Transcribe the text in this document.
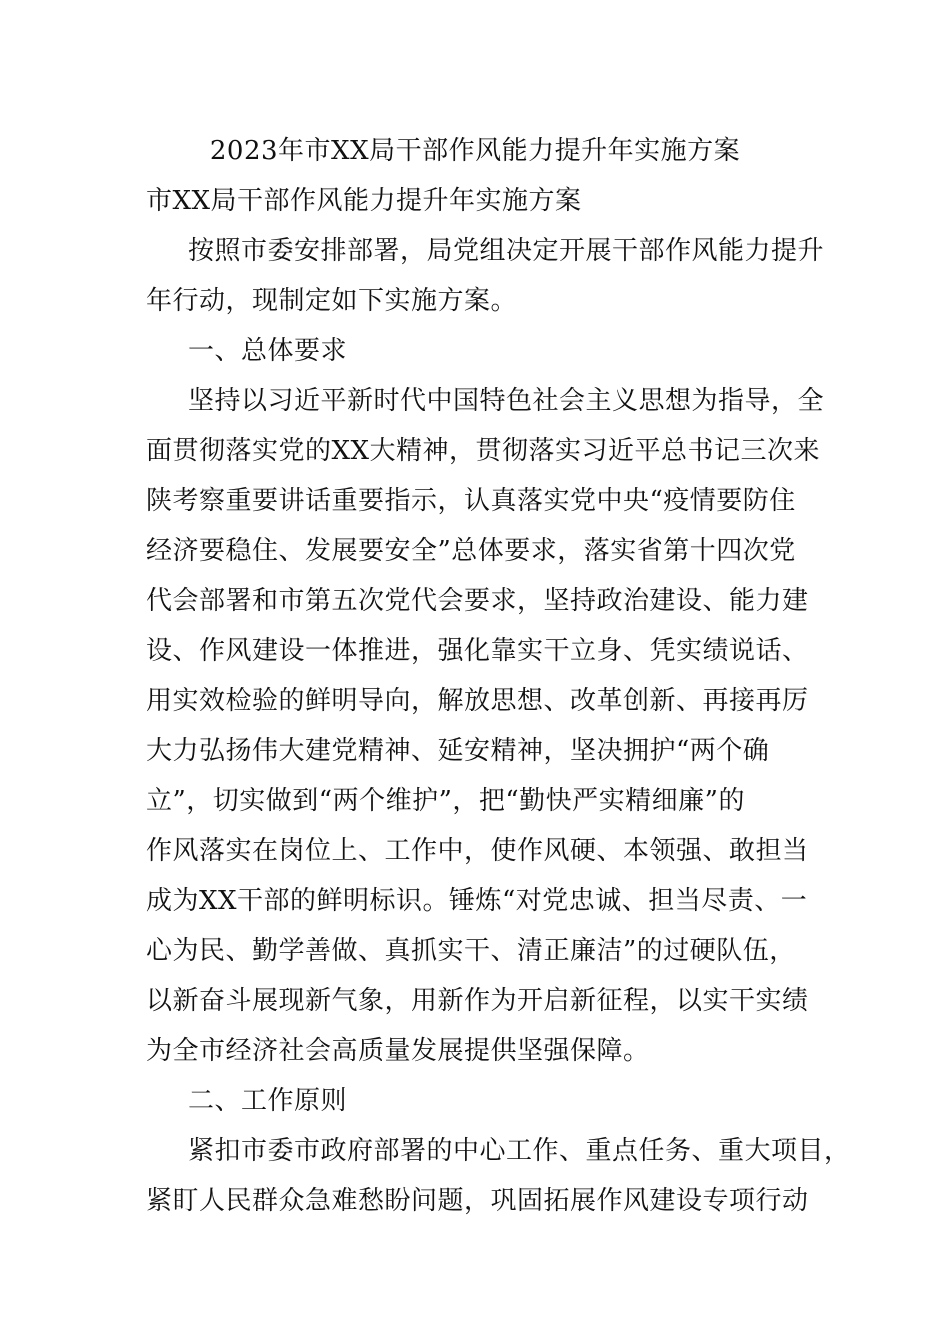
2023年市XX局干部作风能力提升年实施方案
市XX局干部作风能力提升年实施方案
按照市委安排部署，局党组决定开展干部作风能力提升
年行动，现制定如下实施方案。
一、总体要求
坚持以习近平新时代中国特色社会主义思想为指导，全
面贯彻落实党的XX大精神，贯彻落实习近平总书记三次来
陕考察重要讲话重要指示，认真落实党中央“疫情要防住
经济要稳住、发展要安全”总体要求，落实省第十四次党
代会部署和市第五次党代会要求，坚持政治建设、能力建
设、作风建设一体推进，强化靠实干立身、凭实绩说话、
用实效检验的鲜明导向，解放思想、改革创新、再接再厉
大力弘扬伟大建党精神、延安精神，坚决拥护“两个确
立”，切实做到“两个维护”，把“勤快严实精细廉”的
作风落实在岗位上、工作中，使作风硬、本领强、敢担当
成为XX干部的鲜明标识。锤炼“对党忠诚、担当尽责、一
心为民、勤学善做、真抓实干、清正廉洁”的过硬队伍，
以新奋斗展现新气象，用新作为开启新征程，以实干实绩
为全市经济社会高质量发展提供坚强保障。
二、工作原则
紧扣市委市政府部署的中心工作、重点任务、重大项目，
紧盯人民群众急难愁盼问题，巩固拓展作风建设专项行动
